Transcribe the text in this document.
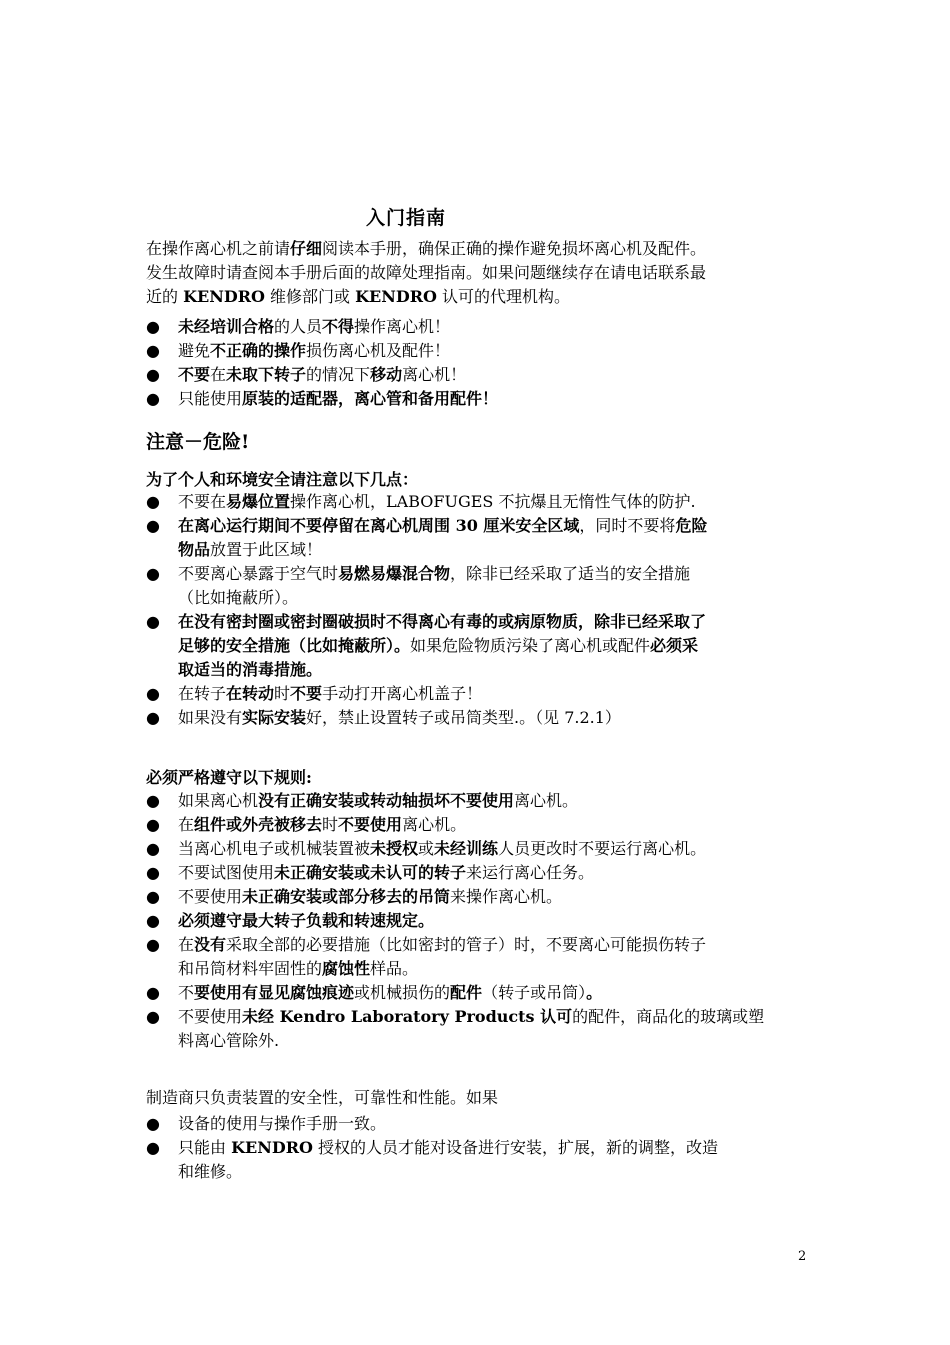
入门指南
在操作离心机之前请仔细阅读本手册，确保正确的操作避免损坏离心机及配件。
发生故障时请查阅本手册后面的故障处理指南。如果问题继续存在请电话联系最
近的 KENDRO 维修部门或 KENDRO 认可的代理机构。
●	未经培训合格的人员不得操作离心机！
●	避免不正确的操作损伤离心机及配件！
●	不要在未取下转子的情况下移动离心机！
●	只能使用原装的适配器，离心管和备用配件！
注意－危险!
为了个人和环境安全请注意以下几点：
●	不要在易爆位置操作离心机，LABOFUGES 不抗爆且无惰性气体的防护.
●	在离心运行期间不要停留在离心机周围 30 厘米安全区域，同时不要将危险
物品放置于此区域！
●	不要离心暴露于空气时易燃易爆混合物，除非已经采取了适当的安全措施
（比如掩蔽所）。
●	在没有密封圈或密封圈破损时不得离心有毒的或病原物质，除非已经采取了
足够的安全措施（比如掩蔽所）。如果危险物质污染了离心机或配件必须采
取适当的消毒措施。
●	在转子在转动时不要手动打开离心机盖子！
●	如果没有实际安装好，禁止设置转子或吊筒类型.。（见 7.2.1）
必须严格遵守以下规则:
●	如果离心机没有正确安装或转动轴损坏不要使用离心机。
●	在组件或外壳被移去时不要使用离心机。
●	当离心机电子或机械装置被未授权或未经训练人员更改时不要运行离心机。
●	不要试图使用未正确安装或未认可的转子来运行离心任务。
●	不要使用未正确安装或部分移去的吊筒来操作离心机。
●	必须遵守最大转子负载和转速规定。
●	在没有采取全部的必要措施（比如密封的管子）时，不要离心可能损伤转子
和吊筒材料牢固性的腐蚀性样品。
●	不要使用有显见腐蚀痕迹或机械损伤的配件（转子或吊筒）。
●	不要使用未经 Kendro Laboratory Products 认可的配件，商品化的玻璃或塑
料离心管除外.
制造商只负责装置的安全性，可靠性和性能。如果
●	设备的使用与操作手册一致。
●	只能由 KENDRO 授权的人员才能对设备进行安装，扩展，新的调整，改造
和维修。
2
